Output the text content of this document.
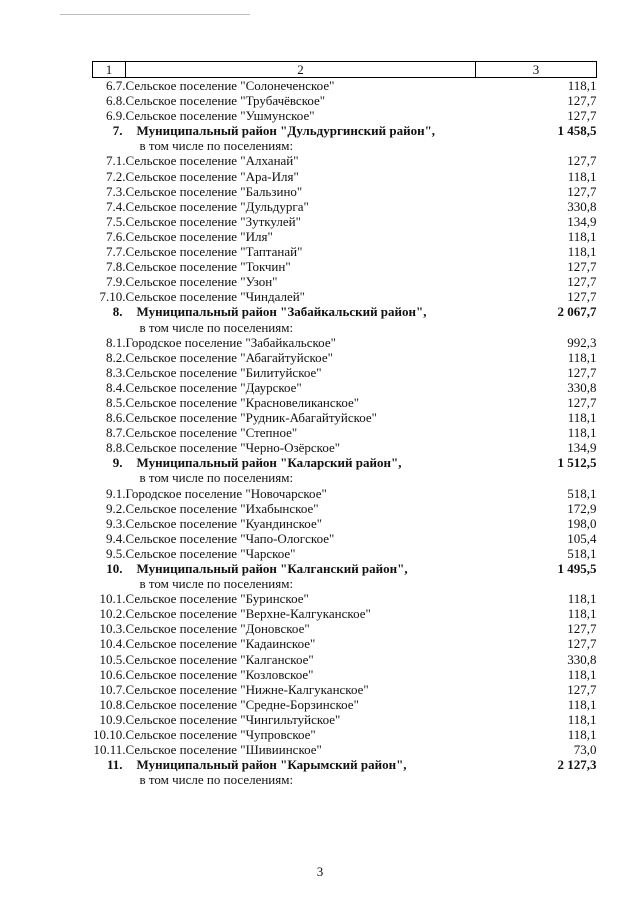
1	2	3
6.7.	Сельское поселение "Солонеченское"	118,1
6.8.	Сельское поселение "Трубачёвское"	127,7
6.9.	Сельское поселение "Ушмунское"	127,7
7.	Муниципальный район "Дульдургинский район",	1 458,5
	в том числе по поселениям:	
7.1.	Сельское поселение "Алханай"	127,7
7.2.	Сельское поселение "Ара-Иля"	118,1
7.3.	Сельское поселение "Бальзино"	127,7
7.4.	Сельское поселение "Дульдурга"	330,8
7.5.	Сельское поселение "Зуткулей"	134,9
7.6.	Сельское поселение "Иля"	118,1
7.7.	Сельское поселение "Таптанай"	118,1
7.8.	Сельское поселение "Токчин"	127,7
7.9.	Сельское поселение "Узон"	127,7
7.10.	Сельское поселение "Чиндалей"	127,7
8.	Муниципальный район "Забайкальский район",	2 067,7
	в том числе по поселениям:	
8.1.	Городское поселение "Забайкальское"	992,3
8.2.	Сельское поселение "Абагайтуйское"	118,1
8.3.	Сельское поселение "Билитуйское"	127,7
8.4.	Сельское поселение "Даурское"	330,8
8.5.	Сельское поселение "Красновеликанское"	127,7
8.6.	Сельское поселение "Рудник-Абагайтуйское"	118,1
8.7.	Сельское поселение "Степное"	118,1
8.8.	Сельское поселение "Черно-Озёрское"	134,9
9.	Муниципальный район "Каларский район",	1 512,5
	в том числе по поселениям:	
9.1.	Городское поселение "Новочарское"	518,1
9.2.	Сельское поселение "Ихабынское"	172,9
9.3.	Сельское поселение "Куандинское"	198,0
9.4.	Сельское поселение "Чапо-Ологское"	105,4
9.5.	Сельское поселение "Чарское"	518,1
10.	Муниципальный район "Калганский район",	1 495,5
	в том числе по поселениям:	
10.1.	Сельское поселение "Буринское"	118,1
10.2.	Сельское поселение "Верхне-Калгуканское"	118,1
10.3.	Сельское поселение "Доновское"	127,7
10.4.	Сельское поселение "Кадаинское"	127,7
10.5.	Сельское поселение "Калганское"	330,8
10.6.	Сельское поселение "Козловское"	118,1
10.7.	Сельское поселение "Нижне-Калгуканское"	127,7
10.8.	Сельское поселение "Средне-Борзинское"	118,1
10.9.	Сельское поселение "Чингильтуйское"	118,1
10.10.	Сельское поселение "Чупровское"	118,1
10.11.	Сельское поселение "Шивиинское"	73,0
11.	Муниципальный район "Карымский район",	2 127,3
	в том числе по поселениям:	
3
